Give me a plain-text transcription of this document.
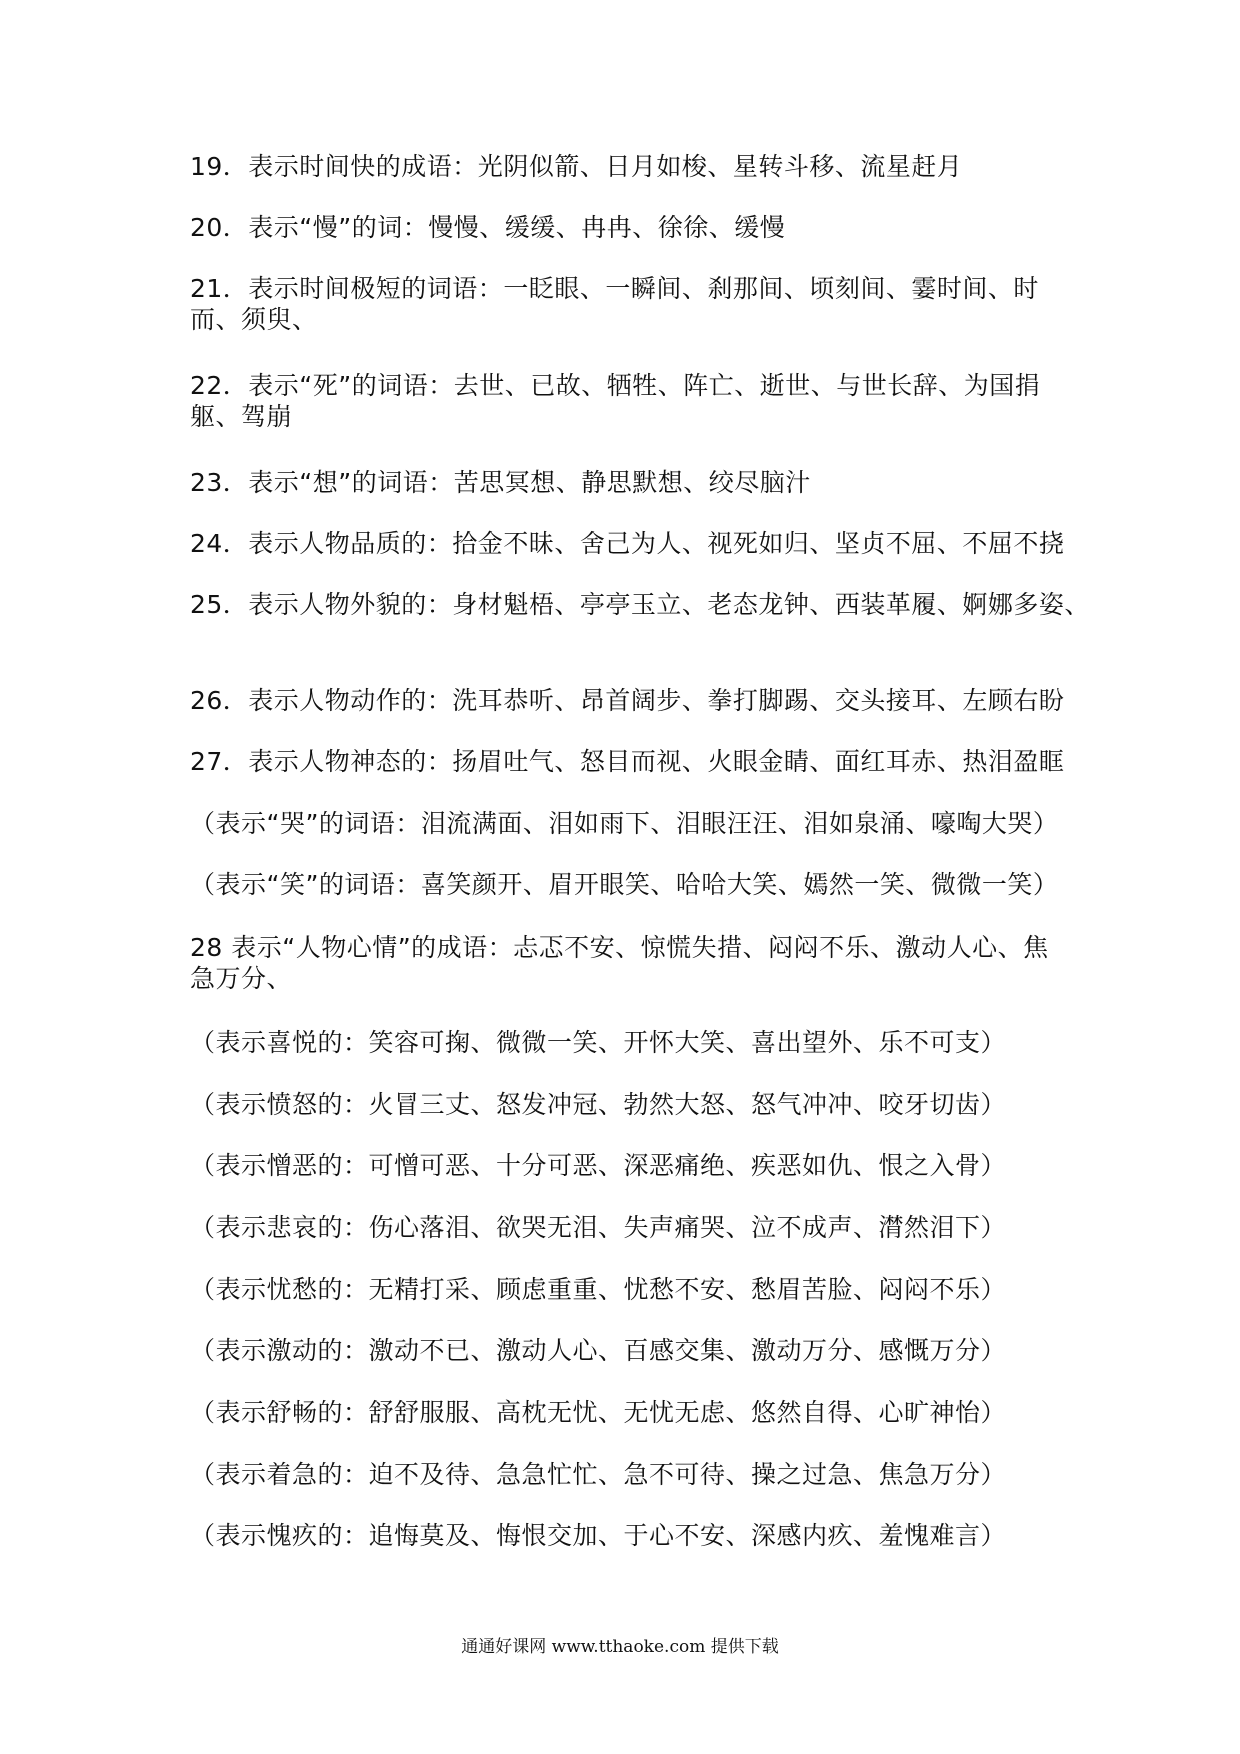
19．表示时间快的成语：光阴似箭、日月如梭、星转斗移、流星赶月
20．表示“慢”的词：慢慢、缓缓、冉冉、徐徐、缓慢
21．表示时间极短的词语：一眨眼、一瞬间、刹那间、顷刻间、霎时间、时而、须臾、
22．表示“死”的词语：去世、已故、牺牲、阵亡、逝世、与世长辞、为国捐躯、驾崩
23．表示“想”的词语：苦思冥想、静思默想、绞尽脑汁
24．表示人物品质的：拾金不昧、舍己为人、视死如归、坚贞不屈、不屈不挠
25．表示人物外貌的：身材魁梧、亭亭玉立、老态龙钟、西装革履、婀娜多姿、
26．表示人物动作的：洗耳恭听、昂首阔步、拳打脚踢、交头接耳、左顾右盼
27．表示人物神态的：扬眉吐气、怒目而视、火眼金睛、面红耳赤、热泪盈眶
（表示“哭”的词语：泪流满面、泪如雨下、泪眼汪汪、泪如泉涌、嚎啕大哭）
（表示“笑”的词语：喜笑颜开、眉开眼笑、哈哈大笑、嫣然一笑、微微一笑）
28 表示“人物心情”的成语：忐忑不安、惊慌失措、闷闷不乐、激动人心、焦急万分、
（表示喜悦的：笑容可掬、微微一笑、开怀大笑、喜出望外、乐不可支）
（表示愤怒的：火冒三丈、怒发冲冠、勃然大怒、怒气冲冲、咬牙切齿）
（表示憎恶的：可憎可恶、十分可恶、深恶痛绝、疾恶如仇、恨之入骨）
（表示悲哀的：伤心落泪、欲哭无泪、失声痛哭、泣不成声、潸然泪下）
（表示忧愁的：无精打采、顾虑重重、忧愁不安、愁眉苦脸、闷闷不乐）
（表示激动的：激动不已、激动人心、百感交集、激动万分、感慨万分）
（表示舒畅的：舒舒服服、高枕无忧、无忧无虑、悠然自得、心旷神怡）
（表示着急的：迫不及待、急急忙忙、急不可待、操之过急、焦急万分）
（表示愧疚的：追悔莫及、悔恨交加、于心不安、深感内疚、羞愧难言）
通通好课网 www.tthaoke.com 提供下载
